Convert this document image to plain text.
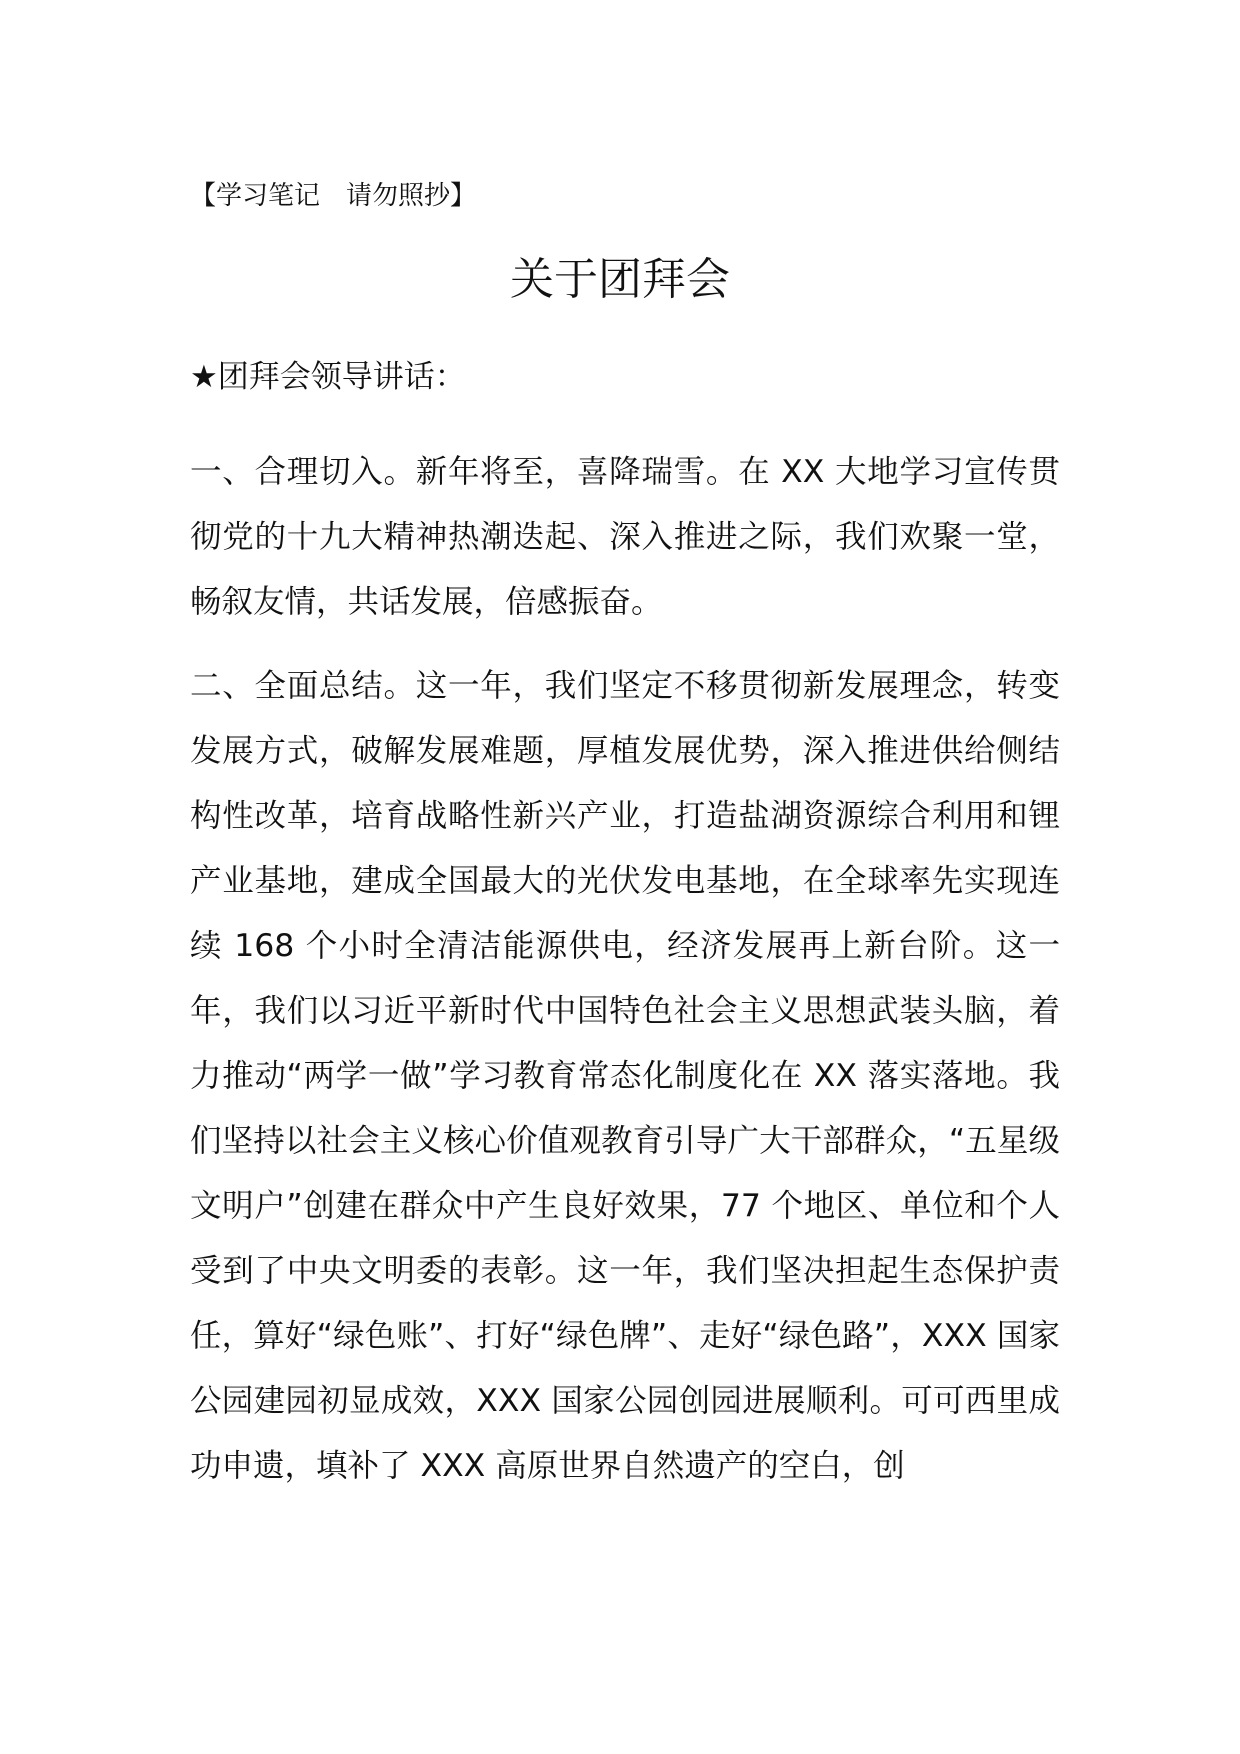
【学习笔记　请勿照抄】
关于团拜会
★团拜会领导讲话：
一、合理切入。新年将至，喜降瑞雪。在 XX 大地学习宣传贯彻党的十九大精神热潮迭起、深入推进之际，我们欢聚一堂，畅叙友情，共话发展，倍感振奋。
二、全面总结。这一年，我们坚定不移贯彻新发展理念，转变发展方式，破解发展难题，厚植发展优势，深入推进供给侧结构性改革，培育战略性新兴产业，打造盐湖资源综合利用和锂产业基地，建成全国最大的光伏发电基地，在全球率先实现连续 168 个小时全清洁能源供电，经济发展再上新台阶。这一年，我们以习近平新时代中国特色社会主义思想武装头脑，着力推动“两学一做”学习教育常态化制度化在 XX 落实落地。我们坚持以社会主义核心价值观教育引导广大干部群众，“五星级文明户”创建在群众中产生良好效果，77 个地区、单位和个人受到了中央文明委的表彰。这一年，我们坚决担起生态保护责任，算好“绿色账”、打好“绿色牌”、走好“绿色路”，XXX 国家公园建园初显成效，XXX 国家公园创园进展顺利。可可西里成功申遗，填补了 XXX 高原世界自然遗产的空白，创
